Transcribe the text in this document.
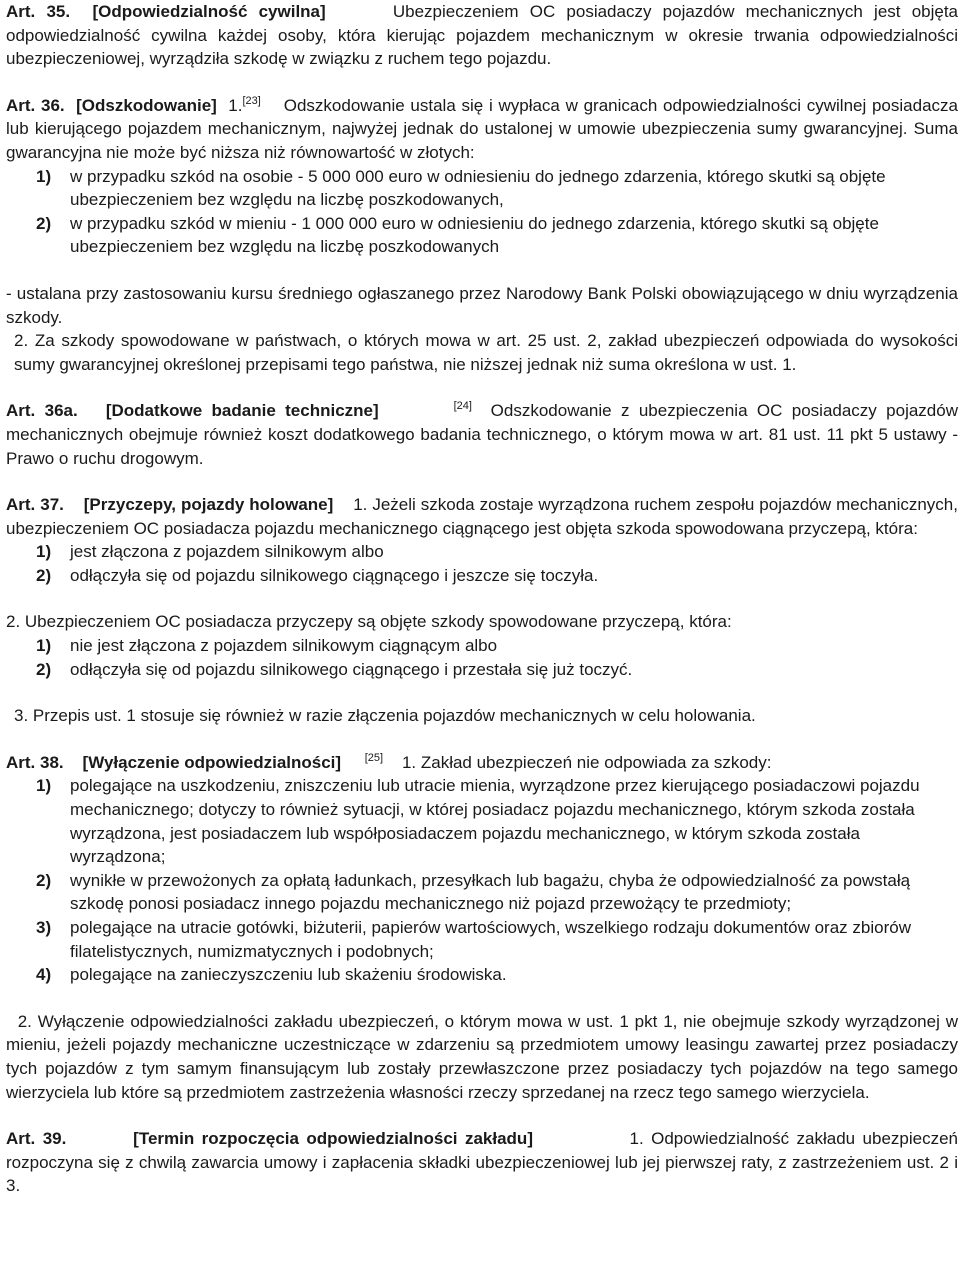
Art. 35. [Odpowiedzialność cywilna]	Ubezpieczeniem OC posiadaczy pojazdów mechanicznych jest objęta odpowiedzialność cywilna każdej osoby, która kierując pojazdem mechanicznym w okresie trwania odpowiedzialności ubezpieczeniowej, wyrządziła szkodę w związku z ruchem tego pojazdu.

Art. 36. [Odszkodowanie] 1.[23] Odszkodowanie ustala się i wypłaca w granicach odpowiedzialności cywilnej posiadacza lub kierującego pojazdem mechanicznym, najwyżej jednak do ustalonej w umowie ubezpieczenia sumy gwarancyjnej. Suma gwarancyjna nie może być niższa niż równowartość w złotych:

1)	w przypadku szkód na osobie - 5 000 000 euro w odniesieniu do jednego zdarzenia, którego skutki są objęte ubezpieczeniem bez względu na liczbę poszkodowanych,
2)	w przypadku szkód w mieniu - 1 000 000 euro w odniesieniu do jednego zdarzenia, którego skutki są objęte ubezpieczeniem bez względu na liczbę poszkodowanych

- ustalana przy zastosowaniu kursu średniego ogłaszanego przez Narodowy Bank Polski obowiązującego w dniu wyrządzenia szkody.

2. Za szkody spowodowane w państwach, o których mowa w art. 25 ust. 2, zakład ubezpieczeń odpowiada do wysokości sumy gwarancyjnej określonej przepisami tego państwa, nie niższej jednak niż suma określona w ust. 1.

Art. 36a. [Dodatkowe badanie techniczne]	[24] Odszkodowanie z ubezpieczenia OC posiadaczy pojazdów mechanicznych obejmuje również koszt dodatkowego badania technicznego, o którym mowa w art. 81 ust. 11 pkt 5 ustawy - Prawo o ruchu drogowym.

Art. 37. [Przyczepy, pojazdy holowane] 1. Jeżeli szkoda zostaje wyrządzona ruchem zespołu pojazdów mechanicznych, ubezpieczeniem OC posiadacza pojazdu mechanicznego ciągnącego jest objęta szkoda spowodowana przyczepą, która:

1)	jest złączona z pojazdem silnikowym albo
2)	odłączyła się od pojazdu silnikowego ciągnącego i jeszcze się toczyła.

2. Ubezpieczeniem OC posiadacza przyczepy są objęte szkody spowodowane przyczepą, która:

1)	nie jest złączona z pojazdem silnikowym ciągnącym albo
2)	odłączyła się od pojazdu silnikowego ciągnącego i przestała się już toczyć.

3. Przepis ust. 1 stosuje się również w razie złączenia pojazdów mechanicznych w celu holowania.

Art. 38. [Wyłączenie odpowiedzialności] [25] 1. Zakład ubezpieczeń nie odpowiada za szkody:

1)	polegające na uszkodzeniu, zniszczeniu lub utracie mienia, wyrządzone przez kierującego posiadaczowi pojazdu mechanicznego; dotyczy to również sytuacji, w której posiadacz pojazdu mechanicznego, którym szkoda została wyrządzona, jest posiadaczem lub współposiadaczem pojazdu mechanicznego, w którym szkoda została wyrządzona;
2)	wynikłe w przewożonych za opłatą ładunkach, przesyłkach lub bagażu, chyba że odpowiedzialność za powstałą szkodę ponosi posiadacz innego pojazdu mechanicznego niż pojazd przewożący te przedmioty;
3)	polegające na utracie gotówki, biżuterii, papierów wartościowych, wszelkiego rodzaju dokumentów oraz zbiorów filatelistycznych, numizmatycznych i podobnych;
4)	polegające na zanieczyszczeniu lub skażeniu środowiska.

2. Wyłączenie odpowiedzialności zakładu ubezpieczeń, o którym mowa w ust. 1 pkt 1, nie obejmuje szkody wyrządzonej w mieniu, jeżeli pojazdy mechaniczne uczestniczące w zdarzeniu są przedmiotem umowy leasingu zawartej przez posiadaczy tych pojazdów z tym samym finansującym lub zostały przewłaszczone przez posiadaczy tych pojazdów na tego samego wierzyciela lub które są przedmiotem zastrzeżenia własności rzeczy sprzedanej na rzecz tego samego wierzyciela.

Art. 39.	[Termin rozpoczęcia odpowiedzialności zakładu]	1. Odpowiedzialność zakładu ubezpieczeń rozpoczyna się z chwilą zawarcia umowy i zapłacenia składki ubezpieczeniowej lub jej pierwszej raty, z zastrzeżeniem ust. 2 i 3.
